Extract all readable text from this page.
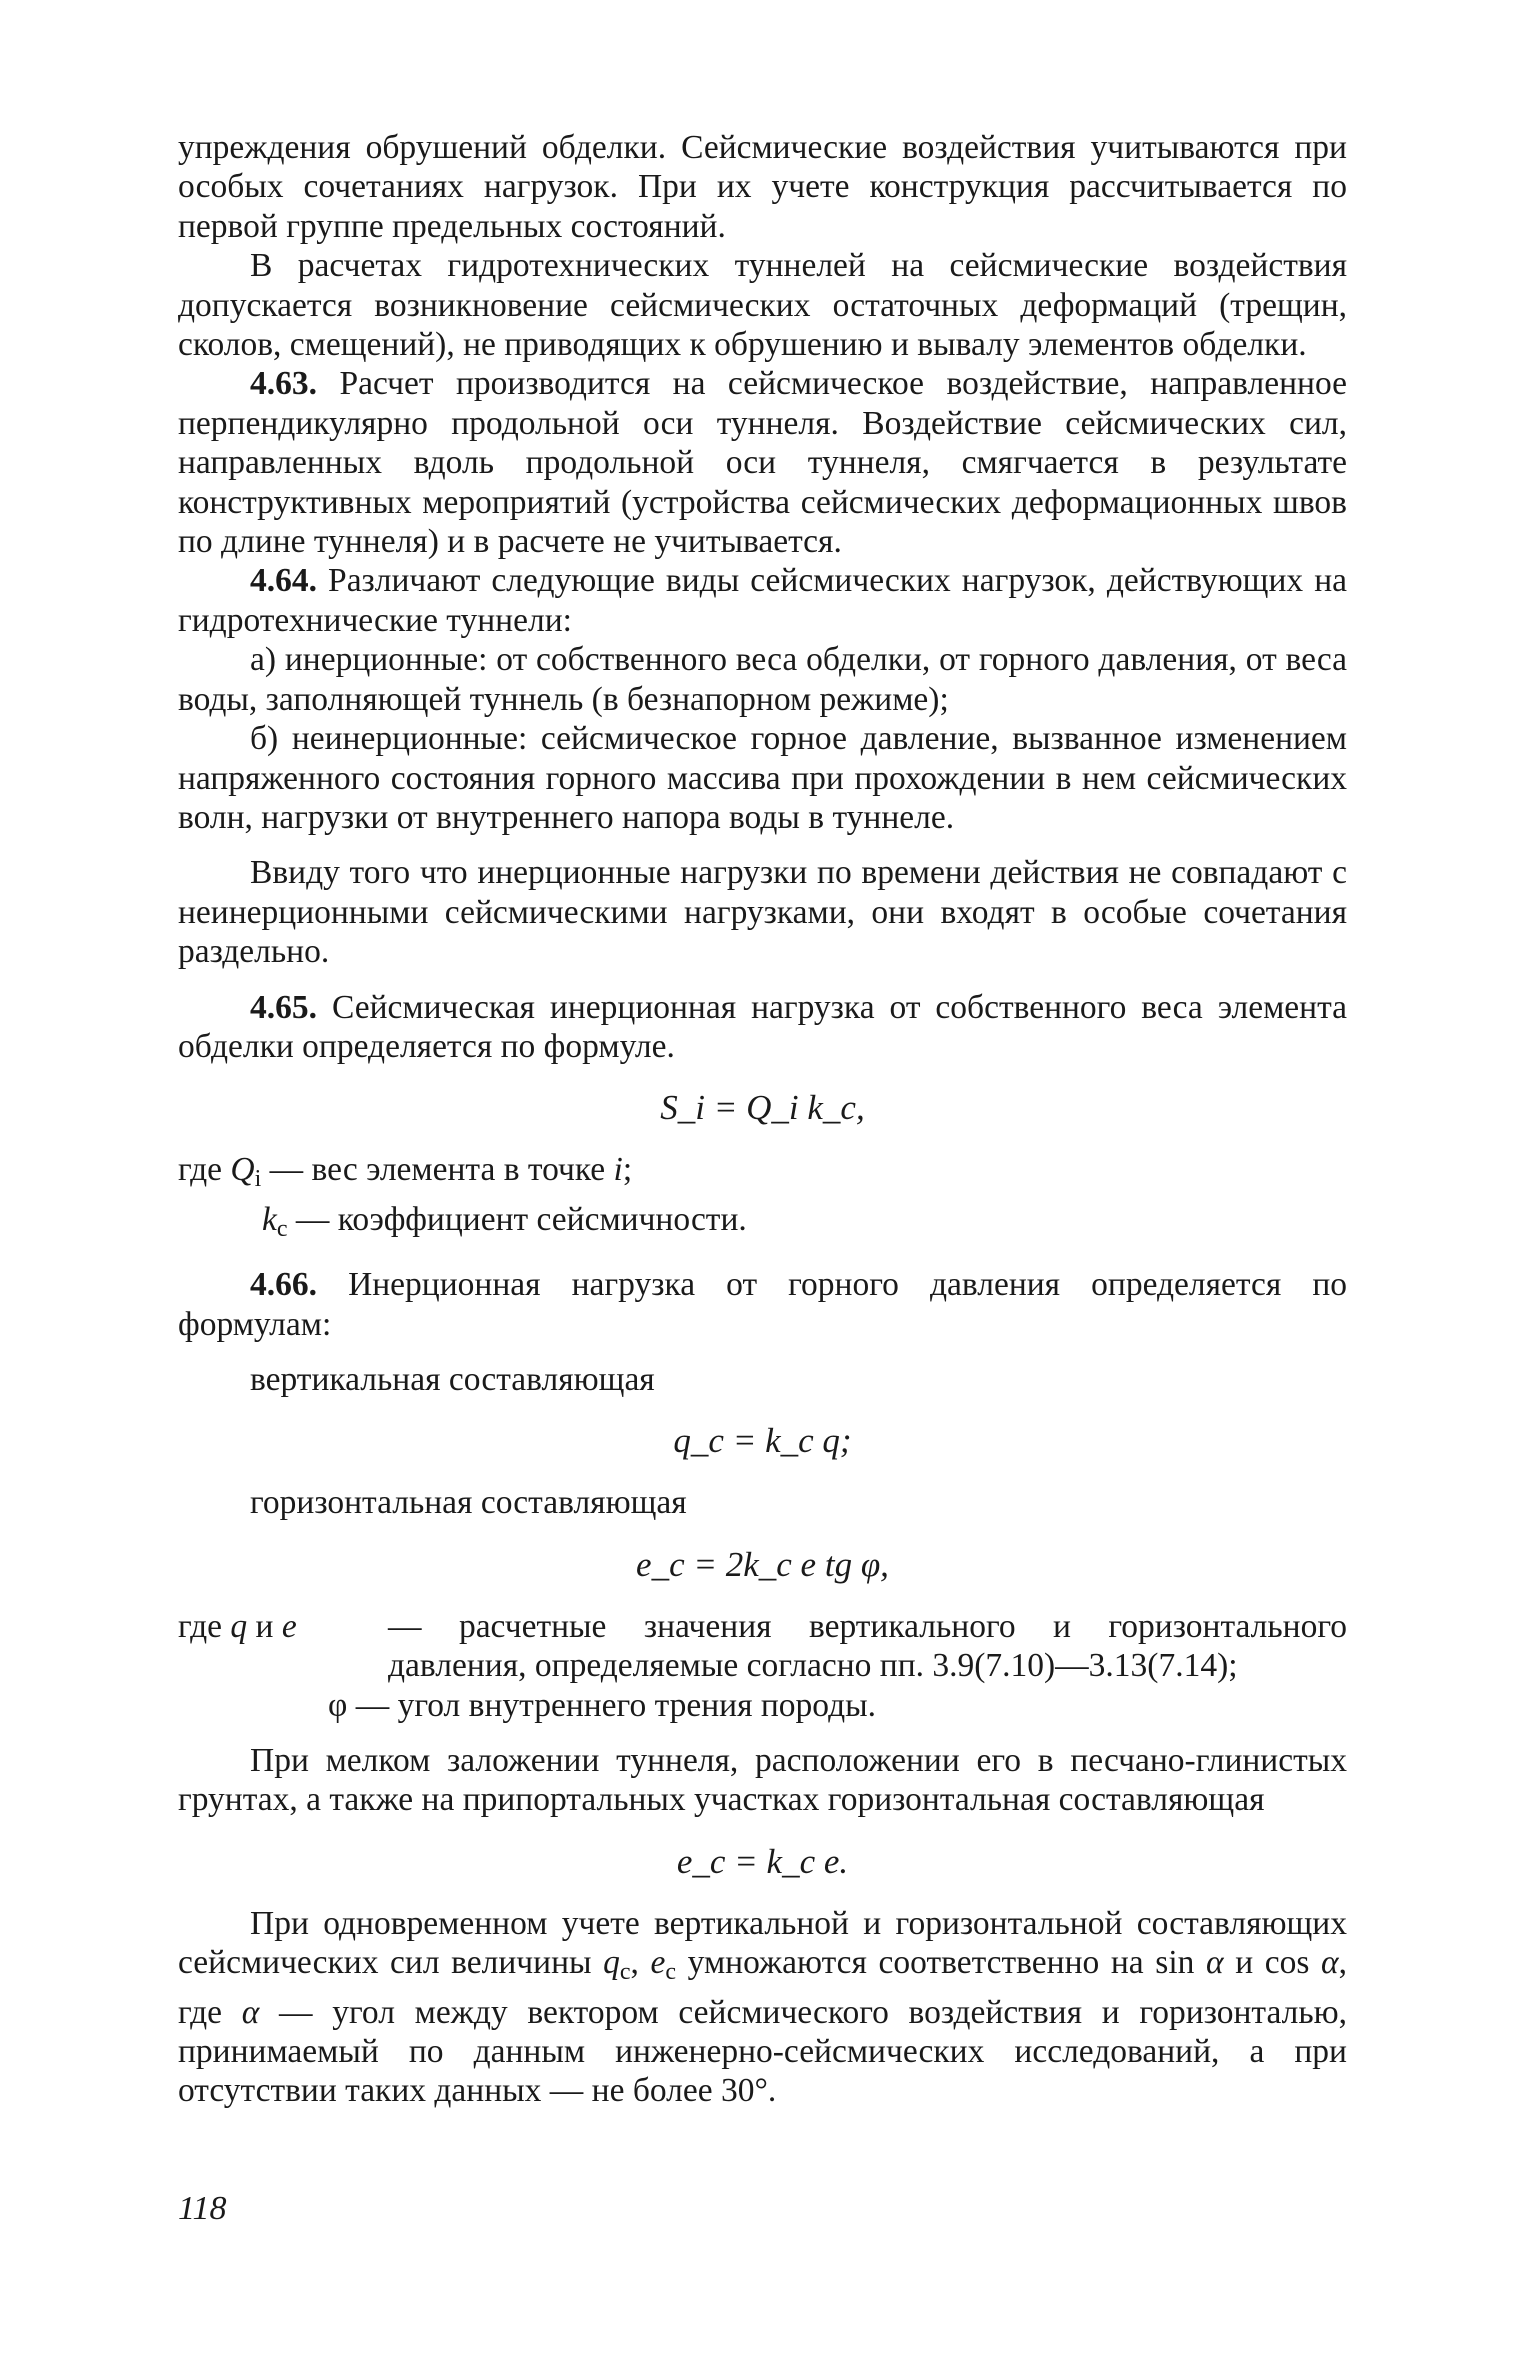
упреждения обрушений обделки. Сейсмические воздействия учитываются при особых сочетаниях нагрузок. При их учете конструкция рассчитывается по первой группе предельных состояний.

В расчетах гидротехнических туннелей на сейсмические воздействия допускается возникновение сейсмических остаточных деформаций (трещин, сколов, смещений), не приводящих к обрушению и вывалу элементов обделки.

4.63. Расчет производится на сейсмическое воздействие, направленное перпендикулярно продольной оси туннеля. Воздействие сейсмических сил, направленных вдоль продольной оси туннеля, смягчается в результате конструктивных мероприятий (устройства сейсмических деформационных швов по длине туннеля) и в расчете не учитывается.

4.64. Различают следующие виды сейсмических нагрузок, действующих на гидротехнические туннели:

а) инерционные: от собственного веса обделки, от горного давления, от веса воды, заполняющей туннель (в безнапорном режиме);

б) неинерционные: сейсмическое горное давление, вызванное изменением напряженного состояния горного массива при прохождении в нем сейсмических волн, нагрузки от внутреннего напора воды в туннеле.

Ввиду того что инерционные нагрузки по времени действия не совпадают с неинерционными сейсмическими нагрузками, они входят в особые сочетания раздельно.

4.65. Сейсмическая инерционная нагрузка от собственного веса элемента обделки определяется по формуле.

S_i = Q_i k_c,
где Qi — вес элемента в точке i;
kc — коэффициент сейсмичности.

4.66. Инерционная нагрузка от горного давления определяется по формулам:

вертикальная составляющая

q_c = k_c q;

горизонтальная составляющая

e_c = 2k_c e tg φ,
где q и e	— расчетные значения вертикального и горизонтального давления, определяемые согласно пп. 3.9(7.10)—3.13(7.14);
φ — угол внутреннего трения породы.

При мелком заложении туннеля, расположении его в песчано-глинистых грунтах, а также на припортальных участках горизонтальная составляющая

e_c = k_c e.

При одновременном учете вертикальной и горизонтальной составляющих сейсмических сил величины qc, ec умножаются соответственно на sin α и cos α, где α — угол между вектором сейсмического воздействия и горизонталью, принимаемый по данным инженерно-сейсмических исследований, а при отсутствии таких данных — не более 30°.

118
